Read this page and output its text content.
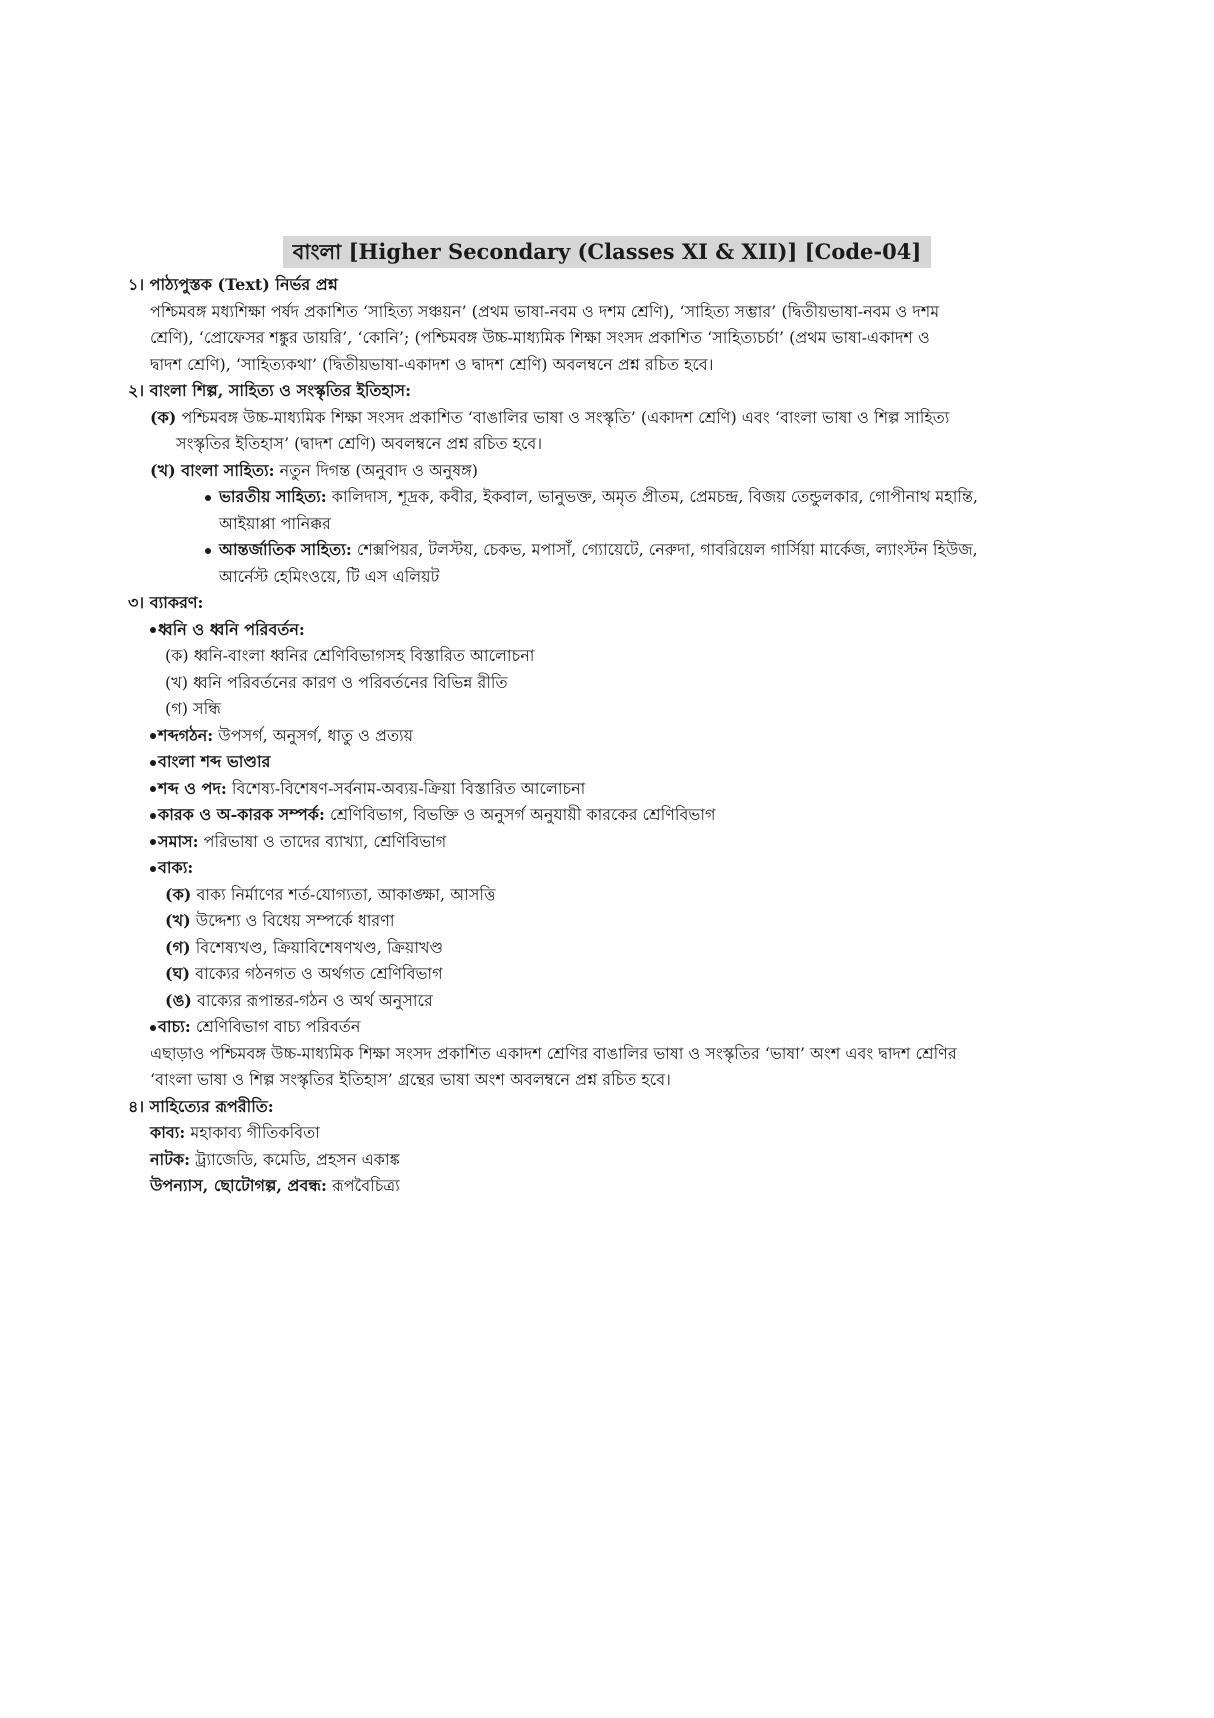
বাংলা [Higher Secondary (Classes XI & XII)] [Code-04]
১। পাঠ্যপুস্তক (Text) নির্ভর প্রশ্ন
পশ্চিমবঙ্গ মধ্যশিক্ষা পর্ষদ প্রকাশিত ‘সাহিত্য সঞ্চয়ন’ (প্রথম ভাষা-নবম ও দশম শ্রেণি), ‘সাহিত্য সম্ভার’ (দ্বিতীয়ভাষা-নবম ও দশম
শ্রেণি), ‘প্রোফেসর শঙ্কুর ডায়রি’, ‘কোনি’; (পশ্চিমবঙ্গ উচ্চ-মাধ্যমিক শিক্ষা সংসদ প্রকাশিত ‘সাহিত্যচর্চা’ (প্রথম ভাষা-একাদশ ও
দ্বাদশ শ্রেণি), ‘সাহিত্যকথা’ (দ্বিতীয়ভাষা-একাদশ ও দ্বাদশ শ্রেণি) অবলম্বনে প্রশ্ন রচিত হবে।
২। বাংলা শিল্প, সাহিত্য ও সংস্কৃতির ইতিহাস:
(ক) পশ্চিমবঙ্গ উচ্চ-মাধ্যমিক শিক্ষা সংসদ প্রকাশিত ‘বাঙালির ভাষা ও সংস্কৃতি’ (একাদশ শ্রেণি) এবং ‘বাংলা ভাষা ও শিল্প সাহিত্য
সংস্কৃতির ইতিহাস’ (দ্বাদশ শ্রেণি) অবলম্বনে প্রশ্ন রচিত হবে।
(খ) বাংলা সাহিত্য: নতুন দিগন্ত (অনুবাদ ও অনুষঙ্গ)
ভারতীয় সাহিত্য: কালিদাস, শূদ্রক, কবীর, ইকবাল, ভানুভক্ত, অমৃত প্রীতম, প্রেমচন্দ্র, বিজয় তেন্ডুলকার, গোপীনাথ মহান্তি,
আইয়াপ্পা পানিক্কর
আন্তর্জাতিক সাহিত্য: শেক্সপিয়র, টলস্টয়, চেকভ, মপাসাঁ, গ্যোয়েটে, নেরুদা, গাবরিয়েল গার্সিয়া মার্কেজ, ল্যাংস্টন হিউজ,
আর্নেস্ট হেমিংওয়ে, টি এস এলিয়ট
৩। ব্যাকরণ:
ধ্বনি ও ধ্বনি পরিবর্তন:
(ক) ধ্বনি-বাংলা ধ্বনির শ্রেণিবিভাগসহ বিস্তারিত আলোচনা
(খ) ধ্বনি পরিবর্তনের কারণ ও পরিবর্তনের বিভিন্ন রীতি
(গ) সন্ধি
শব্দগঠন: উপসর্গ, অনুসর্গ, ধাতু ও প্রত্যয়
বাংলা শব্দ ভাণ্ডার
শব্দ ও পদ: বিশেষ্য-বিশেষণ-সর্বনাম-অব্যয়-ক্রিয়া বিস্তারিত আলোচনা
কারক ও অ-কারক সম্পর্ক: শ্রেণিবিভাগ, বিভক্তি ও অনুসর্গ অনুযায়ী কারকের শ্রেণিবিভাগ
সমাস: পরিভাষা ও তাদের ব্যাখ্যা, শ্রেণিবিভাগ
বাক্য:
(ক) বাক্য নির্মাণের শর্ত-যোগ্যতা, আকাঙ্ক্ষা, আসত্তি
(খ) উদ্দেশ্য ও বিধেয় সম্পর্কে ধারণা
(গ) বিশেষ্যখণ্ড, ক্রিয়াবিশেষণখণ্ড, ক্রিয়াখণ্ড
(ঘ) বাক্যের গঠনগত ও অর্থগত শ্রেণিবিভাগ
(ঙ) বাক্যের রূপান্তর-গঠন ও অর্থ অনুসারে
বাচ্য: শ্রেণিবিভাগ বাচ্য পরিবর্তন
এছাড়াও পশ্চিমবঙ্গ উচ্চ-মাধ্যমিক শিক্ষা সংসদ প্রকাশিত একাদশ শ্রেণির বাঙালির ভাষা ও সংস্কৃতির ‘ভাষা’ অংশ এবং দ্বাদশ শ্রেণির
‘বাংলা ভাষা ও শিল্প সংস্কৃতির ইতিহাস’ গ্রন্থের ভাষা অংশ অবলম্বনে প্রশ্ন রচিত হবে।
৪। সাহিত্যের রূপরীতি:
কাব্য: মহাকাব্য গীতিকবিতা
নাটক: ট্র্যাজেডি, কমেডি, প্রহসন একাঙ্ক
উপন্যাস, ছোটোগল্প, প্রবন্ধ: রূপবৈচিত্র্য
